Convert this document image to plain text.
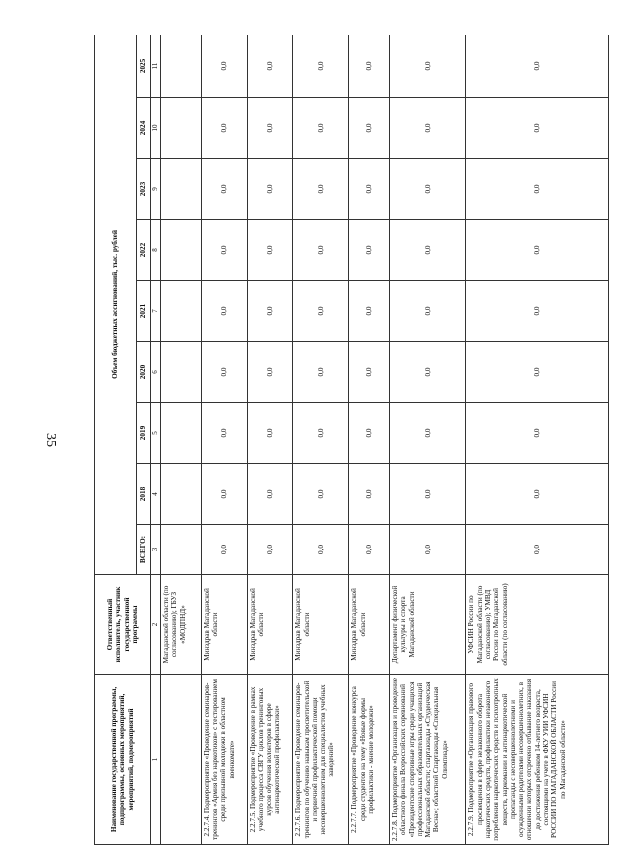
35
Наименование государственной программы, подпрограммы, основных мероприятий, мероприятий, подмероприятий	Ответственный исполнитель, участник государственной программы	Объем бюджетных ассигнований, тыс. рублей								
		ВСЕГО:	2018	2019	2020	2021	2022	2023	2024	2025
1	2	3	4	5	6	7	8	9	10	11
	Магаданской области (по согласованию); ГБУЗ «МОДПНД»									
2.2.7.4. Подмероприятие «Проведение семинаров-тренингов «Армия без наркотиков» с тестированием среди призывной молодежи в областном военкомате»	Минздрав Магаданской области	0,0	0,0	0,0	0,0	0,0	0,0	0,0	0,0	0,0
2.2.7.5. Подмероприятие «Проведение в рамках учебного процесса СВГУ циклов тренинговых курсов обучения волонтеров в сфере антинаркотической профилактики»	Минздрав Магаданской области	0,0	0,0	0,0	0,0	0,0	0,0	0,0	0,0	0,0
2.2.7.6. Подмероприятие «Проведение семинаров-тренингов по обучению навыкам просветительской и первичной профилактической помощи несовершеннолетним для специалистов учебных заведений»	Минздрав Магаданской области	0,0	0,0	0,0	0,0	0,0	0,0	0,0	0,0	0,0
2.2.7.7. Подмероприятие «Проведение конкурса среди студентов на тему «Новые формы профилактики - мнение молодежи»	Минздрав Магаданской области	0,0	0,0	0,0	0,0	0,0	0,0	0,0	0,0	0,0
2.2.7.8. Подмероприятие «Организация и проведение областного финала Всероссийских соревнований «Президентские спортивные игры среди учащихся профессиональных образовательных организаций Магаданской области; спартакиады «Студенческая Весна»; областной Спартакиады «Специальная Олимпиада»	Департамент физической культуры и спорта Магаданской области	0,0	0,0	0,0	0,0	0,0	0,0	0,0	0,0	0,0
2.2.7.9. Подмероприятие «Организация правового просвещения в сфере незаконного оборота наркотических средств, профилактики незаконного потребления наркотических средств и психотропных веществ, наркомании и антинаркотической пропаганды с несовершеннолетними и осужденными родителями несовершеннолетних, в отношении которых отсрочено отбывание наказания до достижения ребенком 14-летнего возраста, состоящими на учете в ФКУ УИИ УФСИН РОССИИ ПО МАГАДАНСКОЙ ОБЛАСТИ России по Магаданской области»	УФСИН России по Магаданской области (по согласованию); УМВД России по Магаданской области (по согласованию)	0,0	0,0	0,0	0,0	0,0	0,0	0,0	0,0	0,0
